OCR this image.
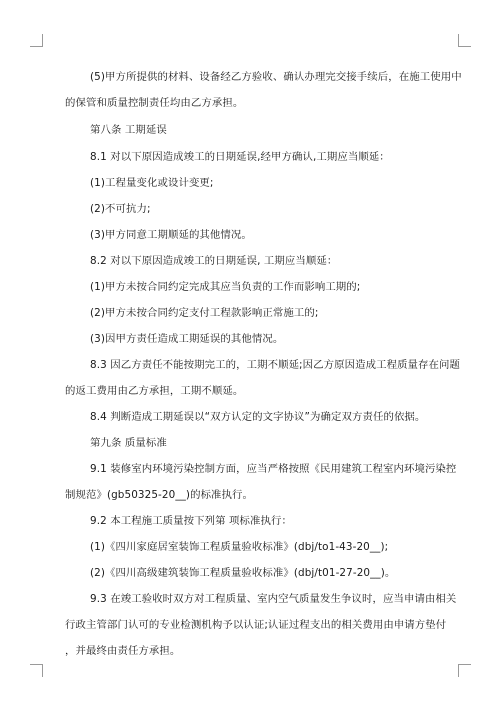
(5)甲方所提供的材料、设备经乙方验收、确认办理完交接手续后，在施工使用中
的保管和质量控制责任均由乙方承担。
第八条 工期延误
8.1 对以下原因造成竣工的日期延误,经甲方确认,工期应当顺延：
(1)工程量变化或设计变更;
(2)不可抗力;
(3)甲方同意工期顺延的其他情况。
8.2 对以下原因造成竣工的日期延误, 工期应当顺延：
(1)甲方未按合同约定完成其应当负责的工作而影响工期的;
(2)甲方未按合同约定支付工程款影响正常施工的;
(3)因甲方责任造成工期延误的其他情况。
8.3 因乙方责任不能按期完工的，工期不顺延;因乙方原因造成工程质量存在问题
的返工费用由乙方承担，工期不顺延。
8.4 判断造成工期延误以“双方认定的文字协议”为确定双方责任的依据。
第九条 质量标准
9.1 装修室内环境污染控制方面，应当严格按照《民用建筑工程室内环境污染控
制规范》(gb50325-20__)的标准执行。
9.2 本工程施工质量按下列第 项标准执行：
(1)《四川家庭居室装饰工程质量验收标准》(dbj/to1-43-20__);
(2)《四川高级建筑装饰工程质量验收标准》(dbj/t01-27-20__)。
9.3 在竣工验收时双方对工程质量、室内空气质量发生争议时，应当申请由相关
行政主管部门认可的专业检测机构予以认证;认证过程支出的相关费用由申请方垫付
，并最终由责任方承担。
